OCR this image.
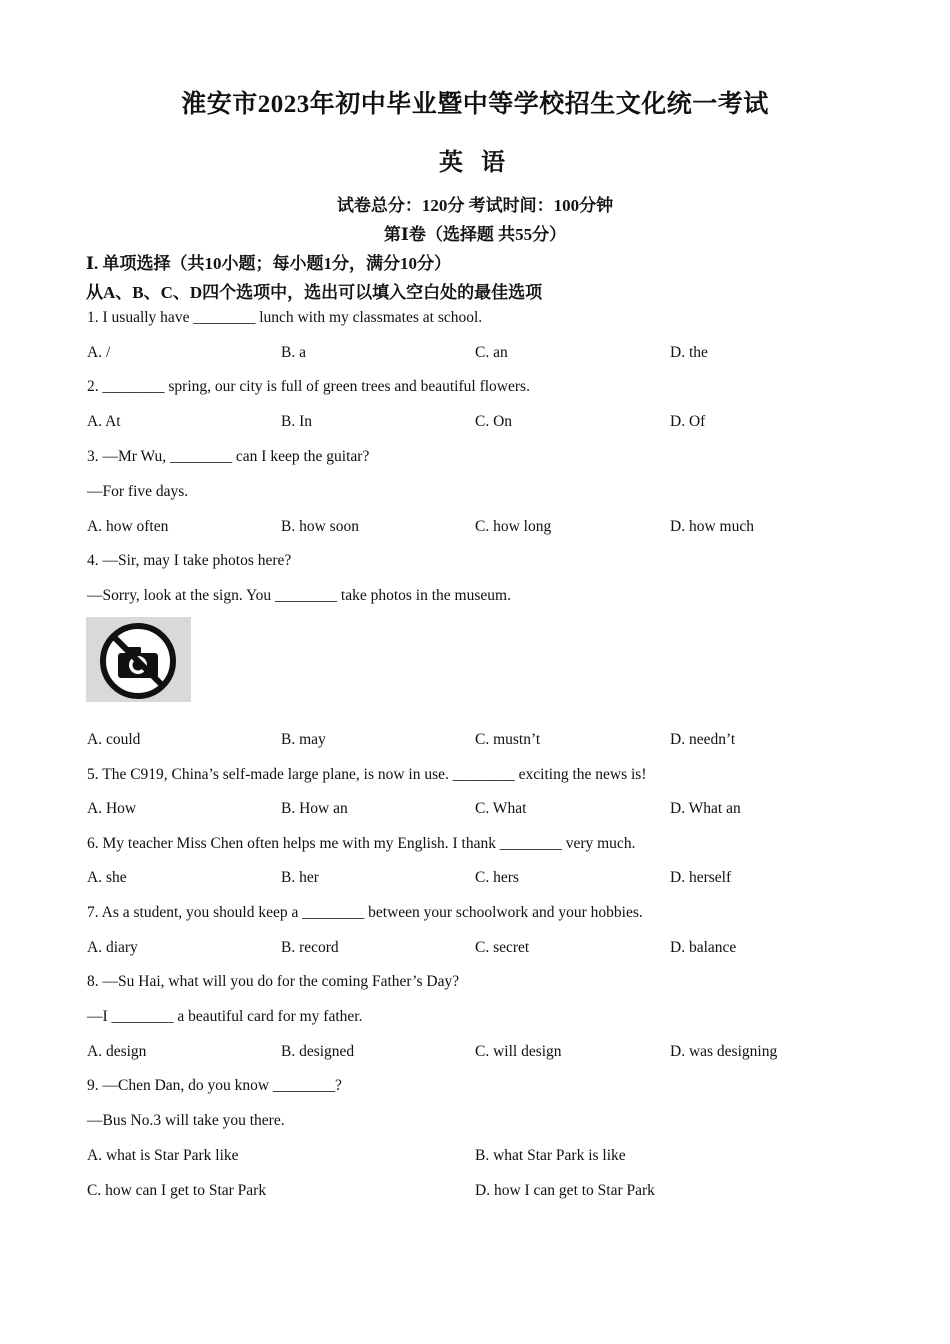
淮安市2023年初中毕业暨中等学校招生文化统一考试
英 语
试卷总分：120分 考试时间：100分钟
第Ⅰ卷（选择题 共55分）
Ⅰ. 单项选择（共10小题；每小题1分，满分10分）
从A、B、C、D四个选项中，选出可以填入空白处的最佳选项
1. I usually have ________ lunch with my classmates at school.
A. /	B. a	C. an	D. the
2. ________ spring, our city is full of green trees and beautiful flowers.
A. At	B. In	C. On	D. Of
3. —Mr Wu, ________ can I keep the guitar?
—For five days.
A. how often	B. how soon	C. how long	D. how much
4. —Sir, may I take photos here?
—Sorry, look at the sign. You ________ take photos in the museum.
A. could	B. may	C. mustn’t	D. needn’t
5. The C919, China’s self-made large plane, is now in use. ________ exciting the news is!
A. How	B. How an	C. What	D. What an
6. My teacher Miss Chen often helps me with my English. I thank ________ very much.
A. she	B. her	C. hers	D. herself
7. As a student, you should keep a ________ between your schoolwork and your hobbies.
A. diary	B. record	C. secret	D. balance
8. —Su Hai, what will you do for the coming Father’s Day?
—I ________ a beautiful card for my father.
A. design	B. designed	C. will design	D. was designing
9. —Chen Dan, do you know ________?
—Bus No.3 will take you there.
A. what is Star Park like	B. what Star Park is like
C. how can I get to Star Park	D. how I can get to Star Park
